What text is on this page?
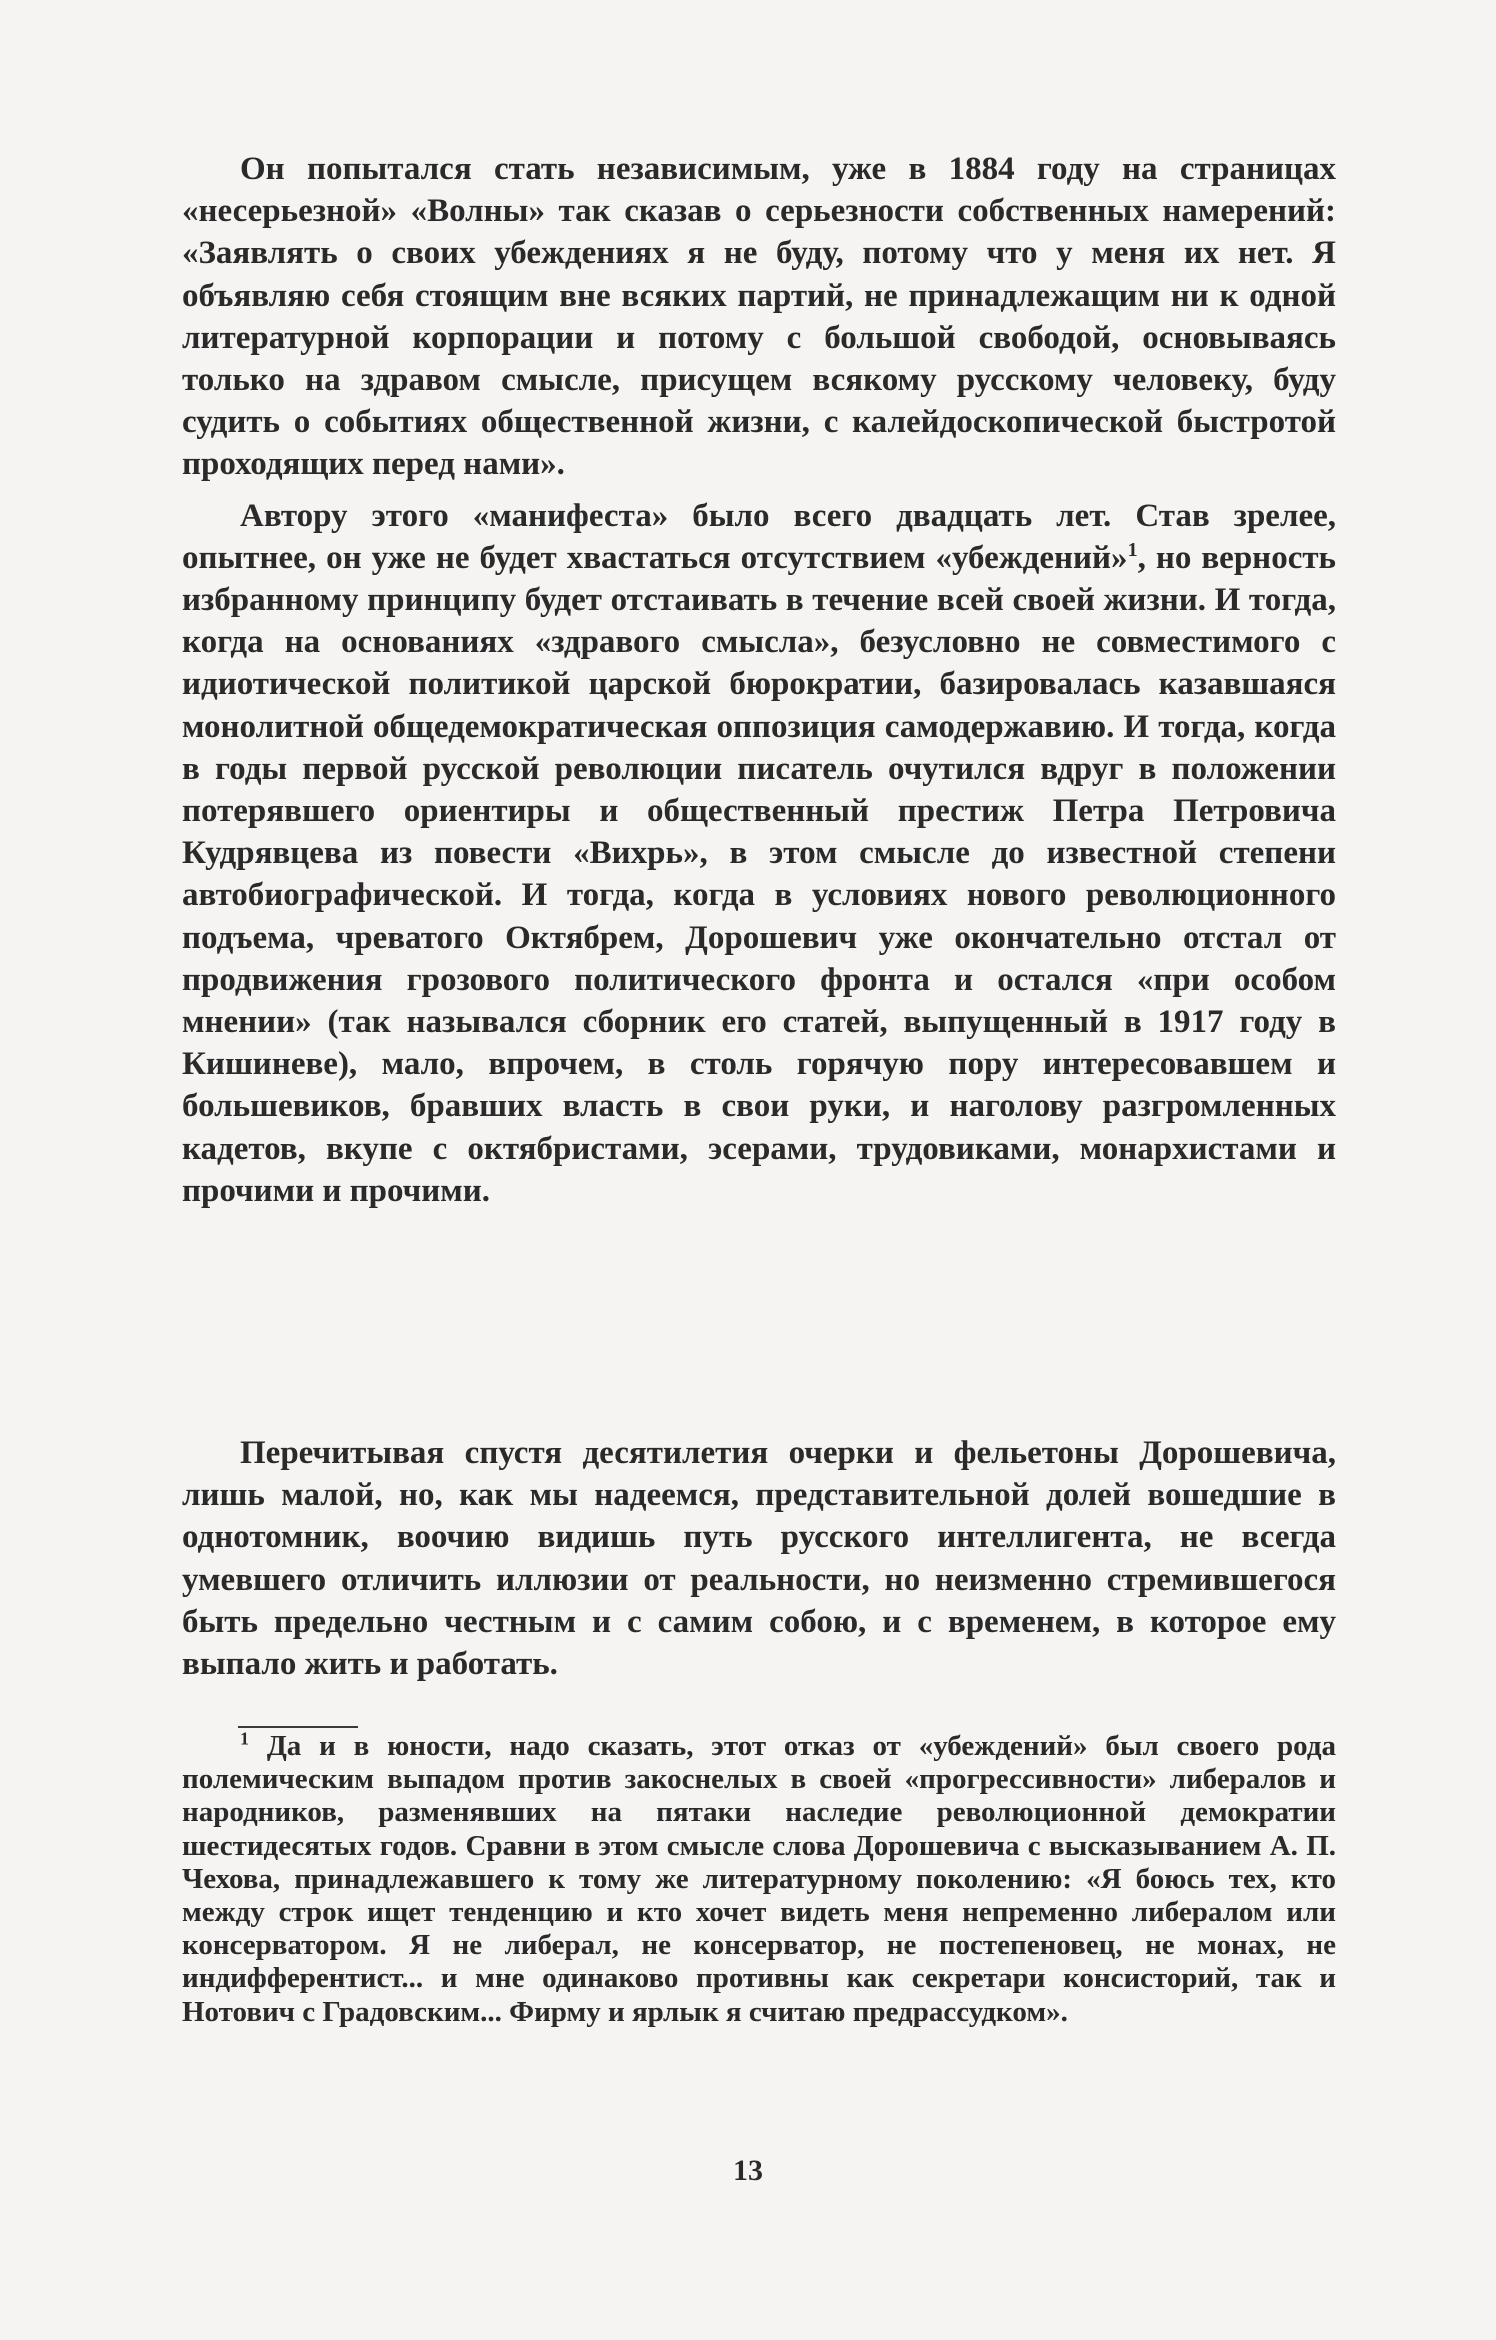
Он попытался стать независимым, уже в 1884 году на страницах «несерьезной» «Волны» так сказав о серьезности собственных намерений: «Заявлять о своих убеждениях я не буду, потому что у меня их нет. Я объявляю себя стоящим вне всяких партий, не принадлежащим ни к одной литературной корпорации и потому с большой свободой, основываясь только на здравом смысле, присущем всякому русскому человеку, буду судить о событиях общественной жизни, с калейдоскопической быстротой проходящих перед нами».

Автору этого «манифеста» было всего двадцать лет. Став зрелее, опытнее, он уже не будет хвастаться отсутствием «убеждений»$^1$, но верность избранному принципу будет отстаивать в течение всей своей жизни. И тогда, когда на основаниях «здравого смысла», безусловно не совместимого с идиотической политикой царской бюрократии, базировалась казавшаяся монолитной общедемократическая оппозиция самодержавию. И тогда, когда в годы первой русской революции писатель очутился вдруг в положении потерявшего ориентиры и общественный престиж Петра Петровича Кудрявцева из повести «Вихрь», в этом смысле до известной степени автобиографической. И тогда, когда в условиях нового революционного подъема, чреватого Октябрем, Дорошевич уже окончательно отстал от продвижения грозового политического фронта и остался «при особом мнении» (так назывался сборник его статей, выпущенный в 1917 году в Кишиневе), мало, впрочем, в столь горячую пору интересовавшем и большевиков, бравших власть в свои руки, и наголову разгромленных кадетов, вкупе с октябристами, эсерами, трудовиками, монархистами и прочими и прочими.

Перечитывая спустя десятилетия очерки и фельетоны Дорошевича, лишь малой, но, как мы надеемся, представительной долей вошедшие в однотомник, воочию видишь путь русского интеллигента, не всегда умевшего отличить иллюзии от реальности, но неизменно стремившегося быть предельно честным и с самим собою, и с временем, в которое ему выпало жить и работать.

$^1$ Да и в юности, надо сказать, этот отказ от «убеждений» был своего рода полемическим выпадом против закоснелых в своей «прогрессивности» либералов и народников, разменявших на пятаки наследие революционной демократии шестидесятых годов. Сравни в этом смысле слова Дорошевича с высказыванием А. П. Чехова, принадлежавшего к тому же литературному поколению: «Я боюсь тех, кто между строк ищет тенденцию и кто хочет видеть меня непременно либералом или консерватором. Я не либерал, не консерватор, не постепеновец, не монах, не индифферентист... и мне одинаково противны как секретари консисторий, так и Нотович с Градовским... Фирму и ярлык я считаю предрассудком».

13
